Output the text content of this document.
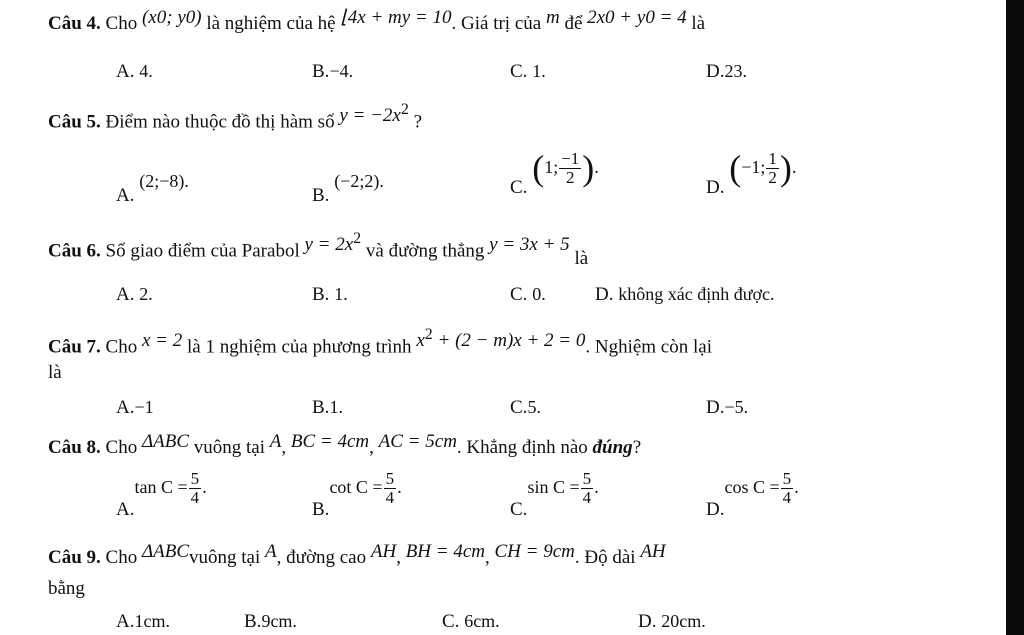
Câu 4. Cho (x0; y0) là nghiệm của hệ ⌊4x + my = 10. Giá trị của m để 2x0 + y0 = 4 là
A. 4.	B.−4.	C. 1.	D.23.
Câu 5. Điểm nào thuộc đồ thị hàm số $y = -2x^2$ ?
A. (2;−8).
B. (−2;2).	C. (1; $\frac{-1}{2}$ ).
D. (−1; $\frac{1}{2}$ ).
Câu 6. Số giao điểm của Parabol $y = 2x^2$ và đường thẳng y = 3x + 5 là
A. 2.	B. 1.	C. 0.	D. không xác định được.
Câu 7. Cho x = 2 là 1 nghiệm của phương trình $x^2 + (2 - m)x + 2 = 0$. Nghiệm còn lại
là
A.−1	B.1.	C.5.	D.−5.
Câu 8. Cho ΔABC vuông tại A, BC = 4cm, AC = 5cm. Khẳng định nào đúng?
A.tan $C = \frac{5}{4}$ .
B.cot $C = \frac{5}{4}$ .
C.sin $C = \frac{5}{4}$ .
D.cos $C = \frac{5}{4}$ .
Câu 9. Cho ΔABCvuông tại A, đường cao AH, BH = 4cm, CH = 9cm. Độ dài AH
bằng
A.1cm.	B.9cm.	C. 6cm.	D. 20cm.
